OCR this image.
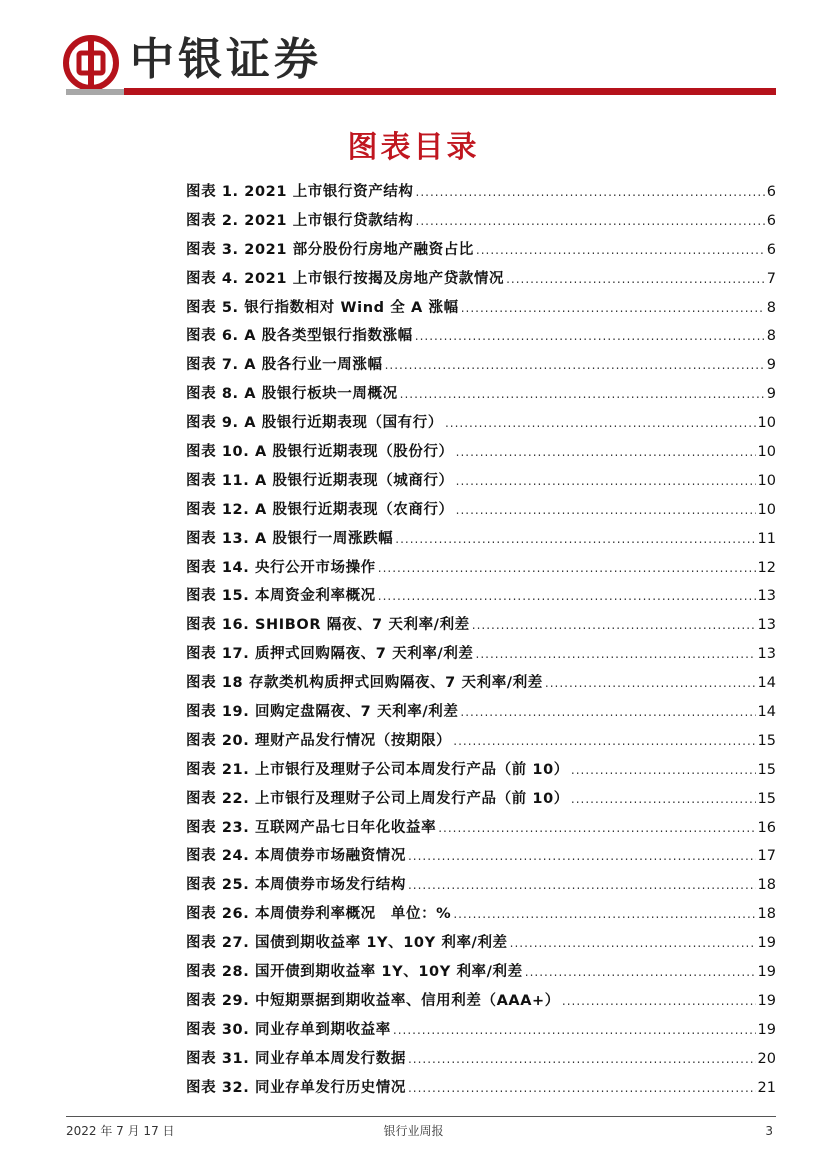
中银证券
图表目录
图表 1. 2021 上市银行资产结构 .....	6
图表 2. 2021 上市银行贷款结构 .....	6
图表 3. 2021 部分股份行房地产融资占比 .....	6
图表 4. 2021 上市银行按揭及房地产贷款情况 .....	7
图表 5. 银行指数相对 Wind 全 A 涨幅 .....	8
图表 6. A 股各类型银行指数涨幅 .....	8
图表 7. A 股各行业一周涨幅 .....	9
图表 8. A 股银行板块一周概况 .....	9
图表 9. A 股银行近期表现（国有行） .....	10
图表 10. A 股银行近期表现（股份行） .....	10
图表 11. A 股银行近期表现（城商行） .....	10
图表 12. A 股银行近期表现（农商行） .....	10
图表 13. A 股银行一周涨跌幅 .....	11
图表 14. 央行公开市场操作 .....	12
图表 15. 本周资金利率概况 .....	13
图表 16. SHIBOR 隔夜、7 天利率/利差 .....	13
图表 17. 质押式回购隔夜、7 天利率/利差 .....	13
图表 18 存款类机构质押式回购隔夜、7 天利率/利差 .....	14
图表 19. 回购定盘隔夜、7 天利率/利差 .....	14
图表 20. 理财产品发行情况（按期限） .....	15
图表 21. 上市银行及理财子公司本周发行产品（前 10） .....	15
图表 22. 上市银行及理财子公司上周发行产品（前 10） .....	15
图表 23. 互联网产品七日年化收益率 .....	16
图表 24. 本周债券市场融资情况 .....	17
图表 25. 本周债券市场发行结构 .....	18
图表 26. 本周债券利率概况　单位：% .....	18
图表 27. 国债到期收益率 1Y、10Y 利率/利差 .....	19
图表 28. 国开债到期收益率 1Y、10Y 利率/利差 .....	19
图表 29. 中短期票据到期收益率、信用利差（AAA+） .....	19
图表 30. 同业存单到期收益率 .....	19
图表 31. 同业存单本周发行数据 .....	20
图表 32. 同业存单发行历史情况 .....	21
2022 年 7 月 17 日	银行业周报	3
